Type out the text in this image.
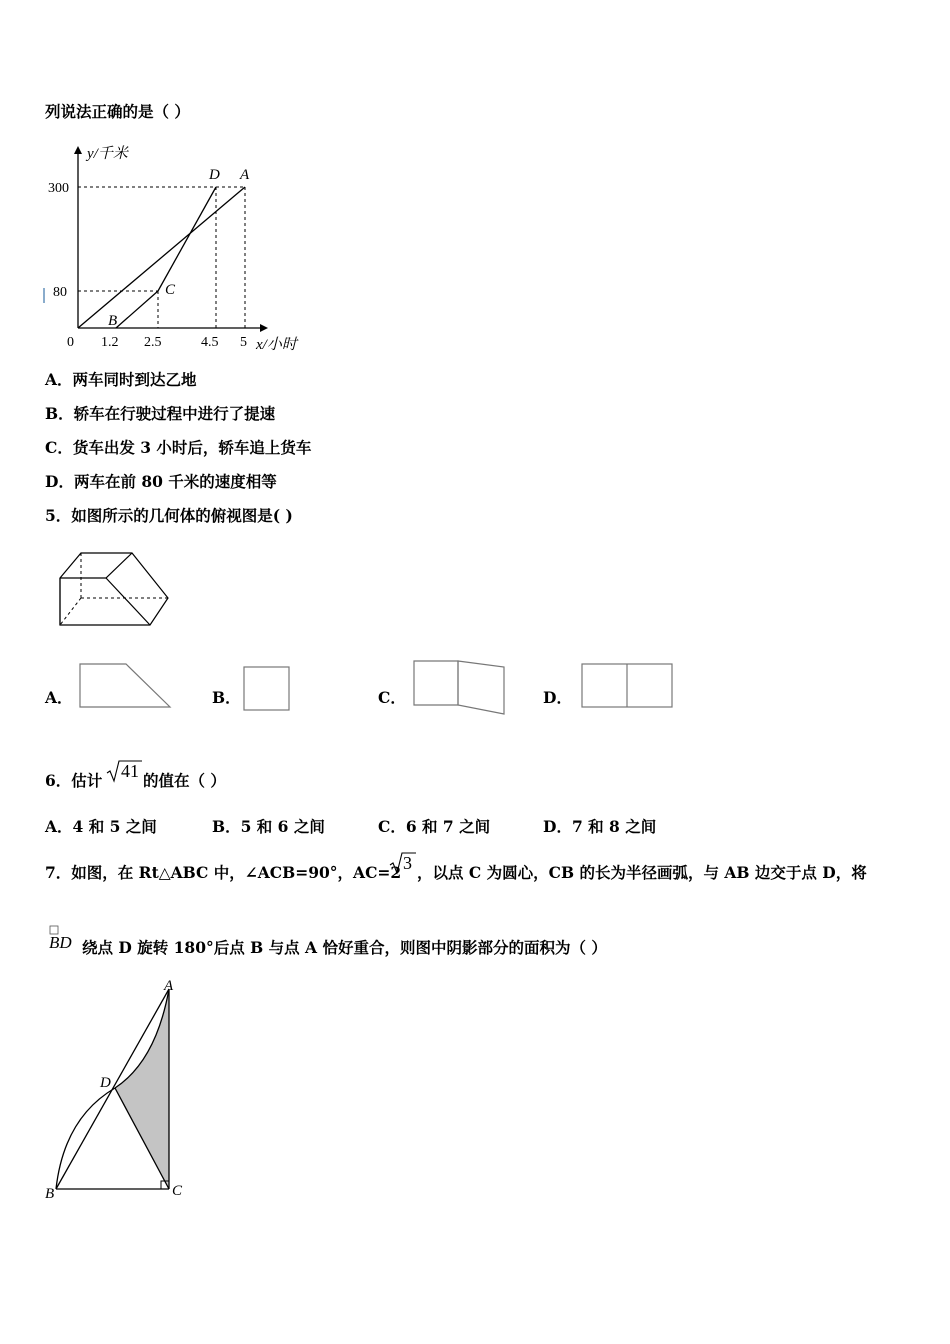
列说法正确的是（ ）
y/千米
x/小时
300
80
0 1.2 2.5	4.5 5
D A
C
B
A．两车同时到达乙地
B．轿车在行驶过程中进行了提速
C．货车出发 3 小时后，轿车追上货车
D．两车在前 80 千米的速度相等
5．如图所示的几何体的俯视图是( )
A．	B．	C．	D．
6．估计 41 的值在（ ）
A．4 和 5 之间	B．5 和 6 之间	C．6 和 7 之间	D．7 和 8 之间
7．如图，在 Rt△ABC 中，∠ACB=90°，AC=2 3 ，以点 C 为圆心，CB 的长为半径画弧，与 AB 边交于点 D，将
BD 绕点 D 旋转 180°后点 B 与点 A 恰好重合，则图中阴影部分的面积为（ ）
A
D
B	C
